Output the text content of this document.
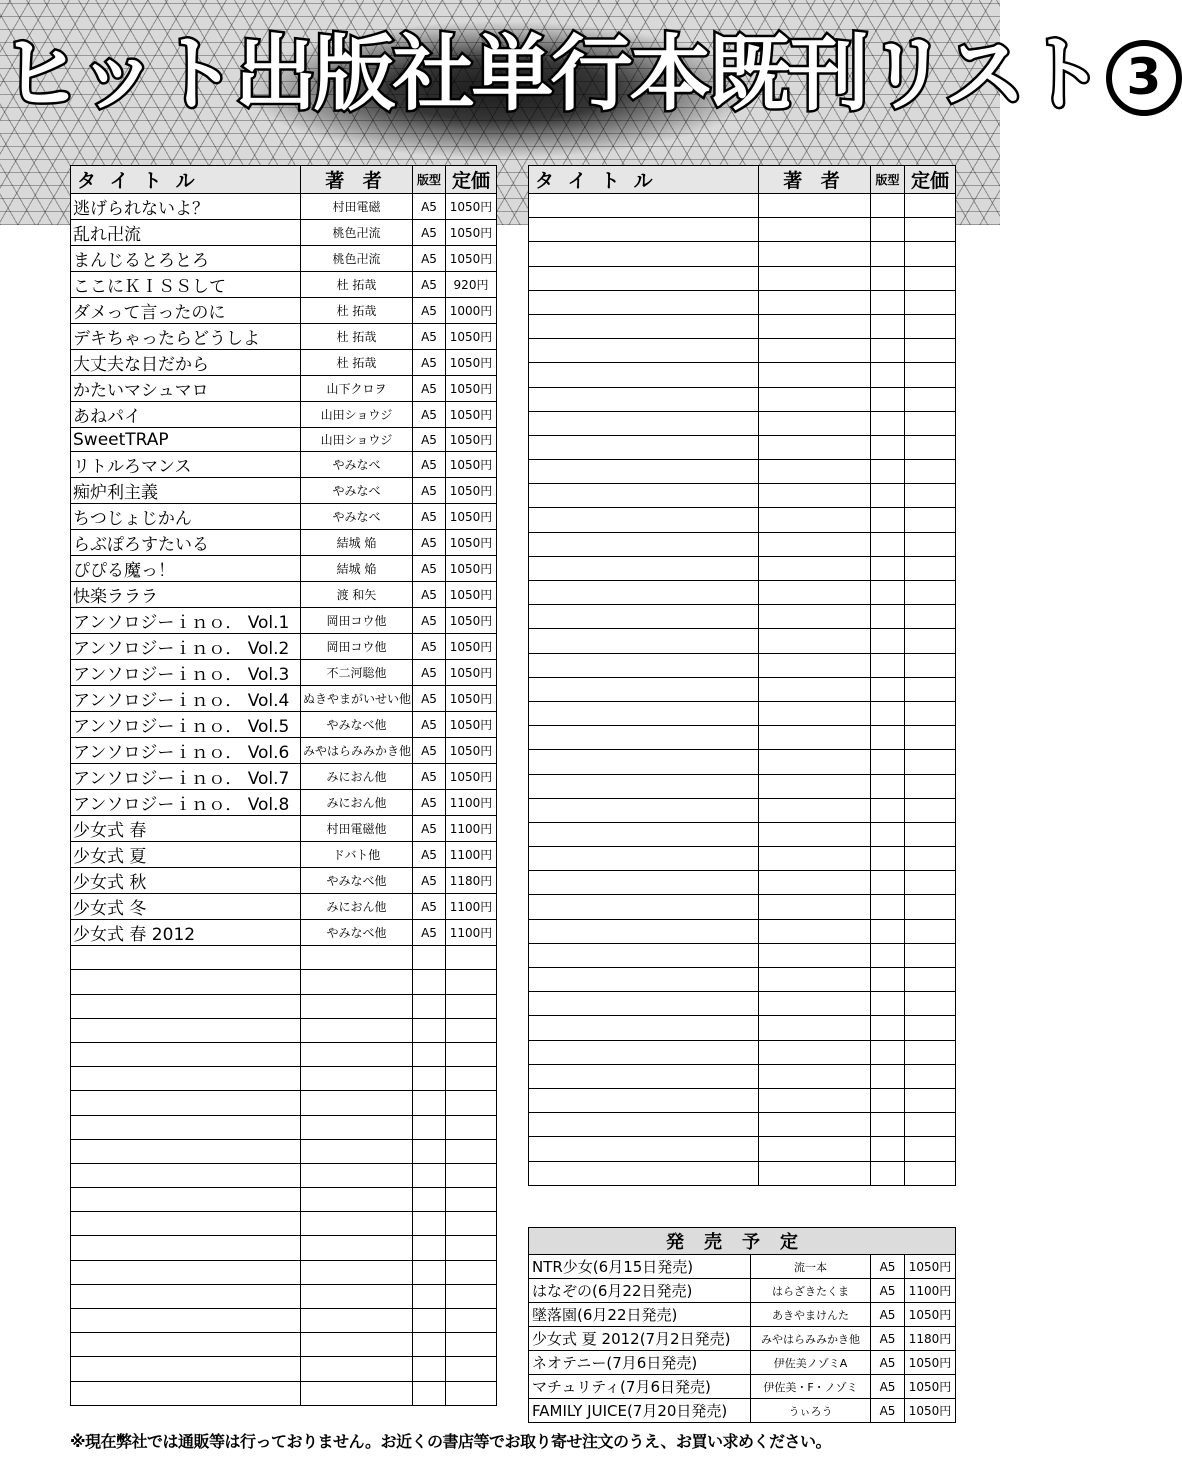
ヒット出版社単行本既刊リスト 3
タイトル	著 者	版型	定価
逃げられないよ？	村田電磁	A5	1050円
乱れ卍流	桃色卍流	A5	1050円
まんじるとろとろ	桃色卍流	A5	1050円
ここにＫＩＳＳして	杜 拓哉	A5	920円
ダメって言ったのに	杜 拓哉	A5	1000円
デキちゃったらどうしよ	杜 拓哉	A5	1050円
大丈夫な日だから	杜 拓哉	A5	1050円
かたいマシュマロ	山下クロヲ	A5	1050円
あねパイ	山田ショウジ	A5	1050円
SweetTRAP	山田ショウジ	A5	1050円
リトルろマンス	やみなべ	A5	1050円
痴炉利主義	やみなべ	A5	1050円
ちつじょじかん	やみなべ	A5	1050円
らぶぽろすたいる	結城 焔	A5	1050円
ぴぴる魔っ！	結城 焔	A5	1050円
快楽ラララ	渡 和矢	A5	1050円
アンソロジーｉｎｏ． Vol.1	岡田コウ他	A5	1050円
アンソロジーｉｎｏ． Vol.2	岡田コウ他	A5	1050円
アンソロジーｉｎｏ． Vol.3	不二河聡他	A5	1050円
アンソロジーｉｎｏ． Vol.4	ぬきやまがいせい他	A5	1050円
アンソロジーｉｎｏ． Vol.5	やみなべ他	A5	1050円
アンソロジーｉｎｏ． Vol.6	みやはらみみかき他	A5	1050円
アンソロジーｉｎｏ． Vol.7	みにおん他	A5	1050円
アンソロジーｉｎｏ． Vol.8	みにおん他	A5	1100円
少女式 春	村田電磁他	A5	1100円
少女式 夏	ドバト他	A5	1100円
少女式 秋	やみなべ他	A5	1180円
少女式 冬	みにおん他	A5	1100円
少女式 春 2012	やみなべ他	A5	1100円

タイトル	著 者	版型	定価

発売予定			
NTR少女(6月15日発売)	流一本	A5	1050円
はなぞの(6月22日発売)	はらざきたくま	A5	1100円
墜落園(6月22日発売)	あきやまけんた	A5	1050円
少女式 夏 2012(7月2日発売)	みやはらみみかき他	A5	1180円
ネオテニー(7月6日発売)	伊佐美ノゾミA	A5	1050円
マチュリティ(7月6日発売)	伊佐美・F・ノゾミ	A5	1050円
FAMILY JUICE(7月20日発売)	うぃろう	A5	1050円
※現在弊社では通販等は行っておりません。お近くの書店等でお取り寄せ注文のうえ、お買い求めください。
